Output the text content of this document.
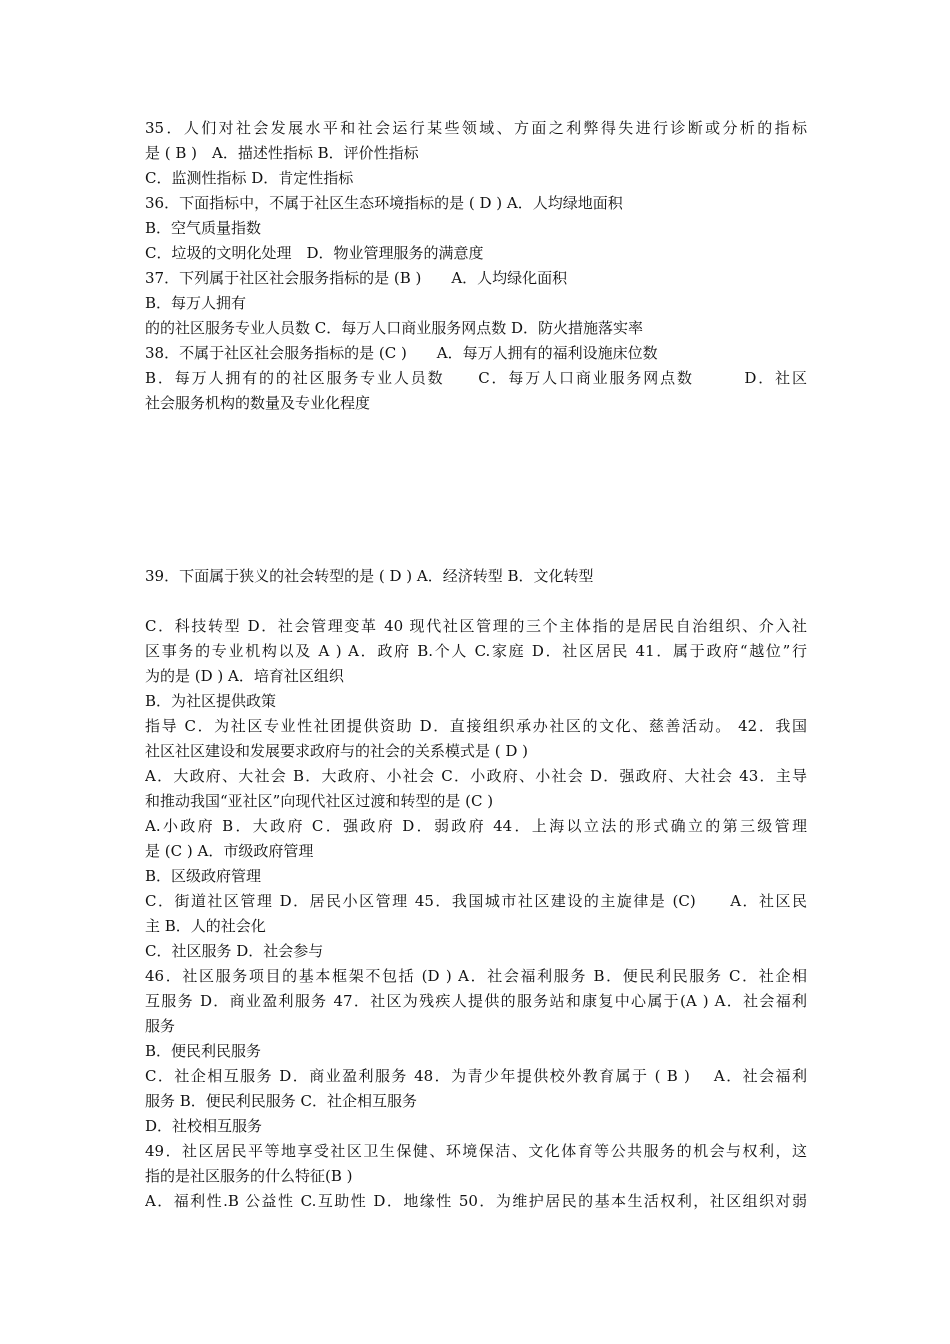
35．人们对社会发展水平和社会运行某些领域、方面之利弊得失进行诊断或分析的指标
是 ( B )　A．描述性指标 B．评价性指标
C．监测性指标 D．肯定性指标
36．下面指标中，不属于社区生态环境指标的是 ( D ) A．人均绿地面积
B．空气质量指数
C．垃圾的文明化处理　D．物业管理服务的满意度
37．下列属于社区社会服务指标的是 (B )　　A．人均绿化面积
B．每万人拥有
的的社区服务专业人员数 C．每万人口商业服务网点数 D．防火措施落实率
38．不属于社区社会服务指标的是 (C )　　A．每万人拥有的福利设施床位数
B．每万人拥有的的社区服务专业人员数　　C．每万人口商业服务网点数　　　D．社区
社会服务机构的数量及专业化程度
39．下面属于狭义的社会转型的是 ( D ) A．经济转型 B．文化转型
C．科技转型 D．社会管理变革 40 现代社区管理的三个主体指的是居民自治组织、介入社
区事务的专业机构以及 A ) A．政府 B.个人 C.家庭 D．社区居民 41．属于政府“越位”行
为的是 (D ) A．培育社区组织
B．为社区提供政策
指导 C．为社区专业性社团提供资助 D．直接组织承办社区的文化、慈善活动。 42．我国
社区社区建设和发展要求政府与的社会的关系模式是 ( D )
A．大政府、大社会 B．大政府、小社会 C．小政府、小社会 D．强政府、大社会 43．主导
和推动我国“亚社区”向现代社区过渡和转型的是 (C )
A.小政府 B．大政府 C．强政府 D．弱政府 44．上海以立法的形式确立的第三级管理
是 (C ) A．市级政府管理
B．区级政府管理
C．街道社区管理 D．居民小区管理 45．我国城市社区建设的主旋律是 (C)　　A．社区民
主 B．人的社会化
C．社区服务 D．社会参与
46．社区服务项目的基本框架不包括 (D ) A．社会福利服务 B．便民利民服务 C．社企相
互服务 D．商业盈利服务 47．社区为残疾人提供的服务站和康复中心属于(A ) A．社会福利
服务
B．便民利民服务
C．社企相互服务 D．商业盈利服务 48．为青少年提供校外教育属于 ( B )　 A．社会福利
服务 B．便民利民服务 C．社企相互服务
D．社校相互服务
49．社区居民平等地享受社区卫生保健、环境保洁、文化体育等公共服务的机会与权利，这
指的是社区服务的什么特征(B )
A．福利性.B 公益性 C.互助性 D．地缘性 50．为维护居民的基本生活权利，社区组织对弱
